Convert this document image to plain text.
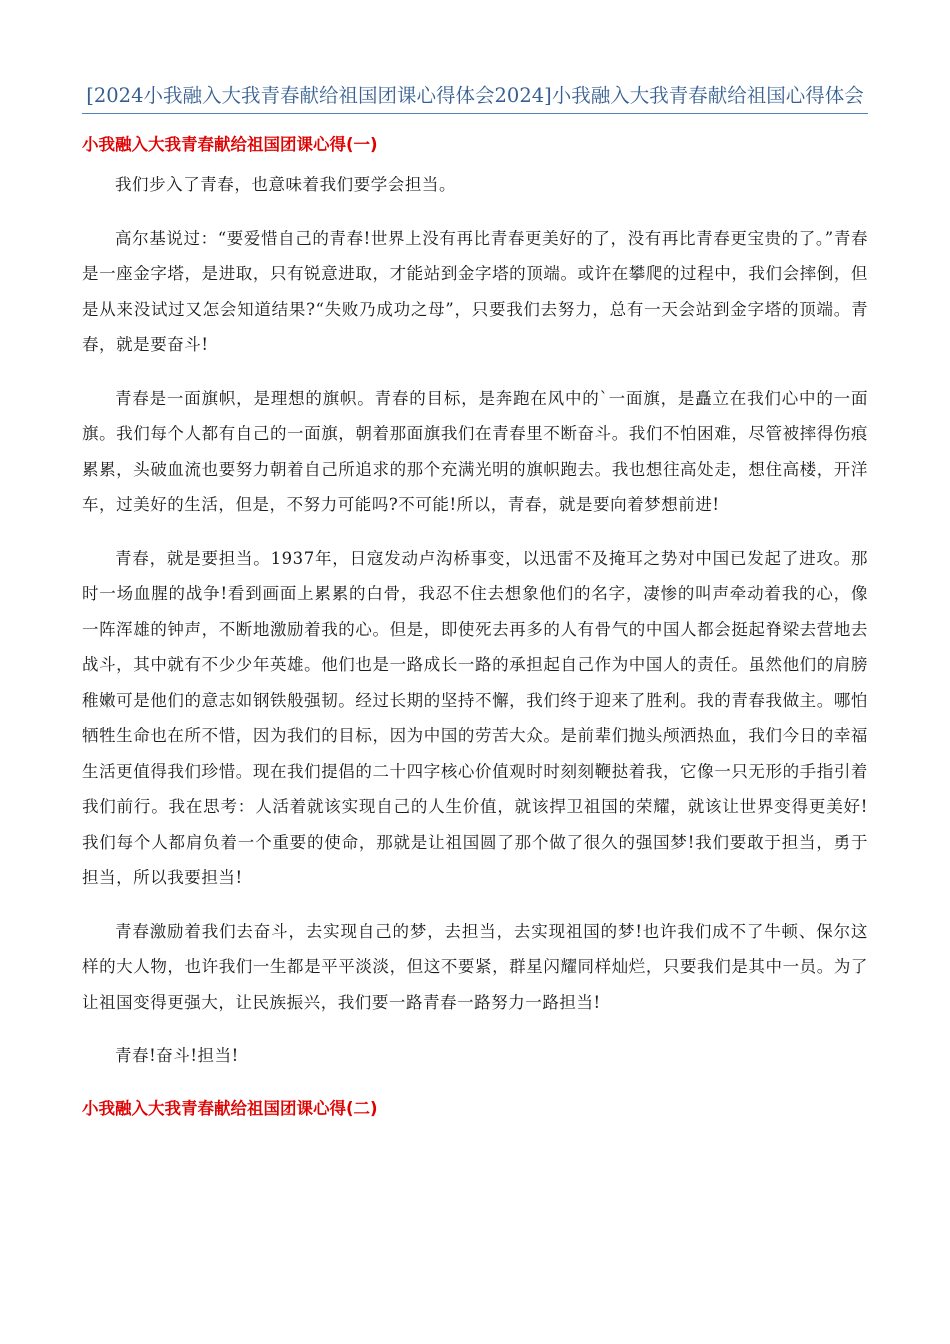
[2024小我融入大我青春献给祖国团课心得体会2024]小我融入大我青春献给祖国心得体会
小我融入大我青春献给祖国团课心得(一)

我们步入了青春，也意味着我们要学会担当。

高尔基说过：“要爱惜自己的青春!世界上没有再比青春更美好的了，没有再比青春更宝贵的了。”青春是一座金字塔，是进取，只有锐意进取，才能站到金字塔的顶端。或许在攀爬的过程中，我们会摔倒，但是从来没试过又怎会知道结果?“失败乃成功之母”，只要我们去努力，总有一天会站到金字塔的顶端。青春，就是要奋斗!

青春是一面旗帜，是理想的旗帜。青春的目标，是奔跑在风中的`一面旗，是矗立在我们心中的一面旗。我们每个人都有自己的一面旗，朝着那面旗我们在青春里不断奋斗。我们不怕困难，尽管被摔得伤痕累累，头破血流也要努力朝着自己所追求的那个充满光明的旗帜跑去。我也想往高处走，想住高楼，开洋车，过美好的生活，但是，不努力可能吗?不可能!所以，青春，就是要向着梦想前进!

青春，就是要担当。1937年，日寇发动卢沟桥事变，以迅雷不及掩耳之势对中国已发起了进攻。那时一场血腥的战争!看到画面上累累的白骨，我忍不住去想象他们的名字，凄惨的叫声牵动着我的心，像一阵浑雄的钟声，不断地激励着我的心。但是，即使死去再多的人有骨气的中国人都会挺起脊梁去营地去战斗，其中就有不少少年英雄。他们也是一路成长一路的承担起自己作为中国人的责任。虽然他们的肩膀稚嫩可是他们的意志如钢铁般强韧。经过长期的坚持不懈，我们终于迎来了胜利。我的青春我做主。哪怕牺牲生命也在所不惜，因为我们的目标，因为中国的劳苦大众。是前辈们抛头颅洒热血，我们今日的幸福生活更值得我们珍惜。现在我们提倡的二十四字核心价值观时时刻刻鞭挞着我，它像一只无形的手指引着我们前行。我在思考：人活着就该实现自己的人生价值，就该捍卫祖国的荣耀，就该让世界变得更美好!我们每个人都肩负着一个重要的使命，那就是让祖国圆了那个做了很久的强国梦!我们要敢于担当，勇于担当，所以我要担当!

青春激励着我们去奋斗，去实现自己的梦，去担当，去实现祖国的梦!也许我们成不了牛顿、保尔这样的大人物，也许我们一生都是平平淡淡，但这不要紧，群星闪耀同样灿烂，只要我们是其中一员。为了让祖国变得更强大，让民族振兴，我们要一路青春一路努力一路担当!

青春!奋斗!担当!

小我融入大我青春献给祖国团课心得(二)
